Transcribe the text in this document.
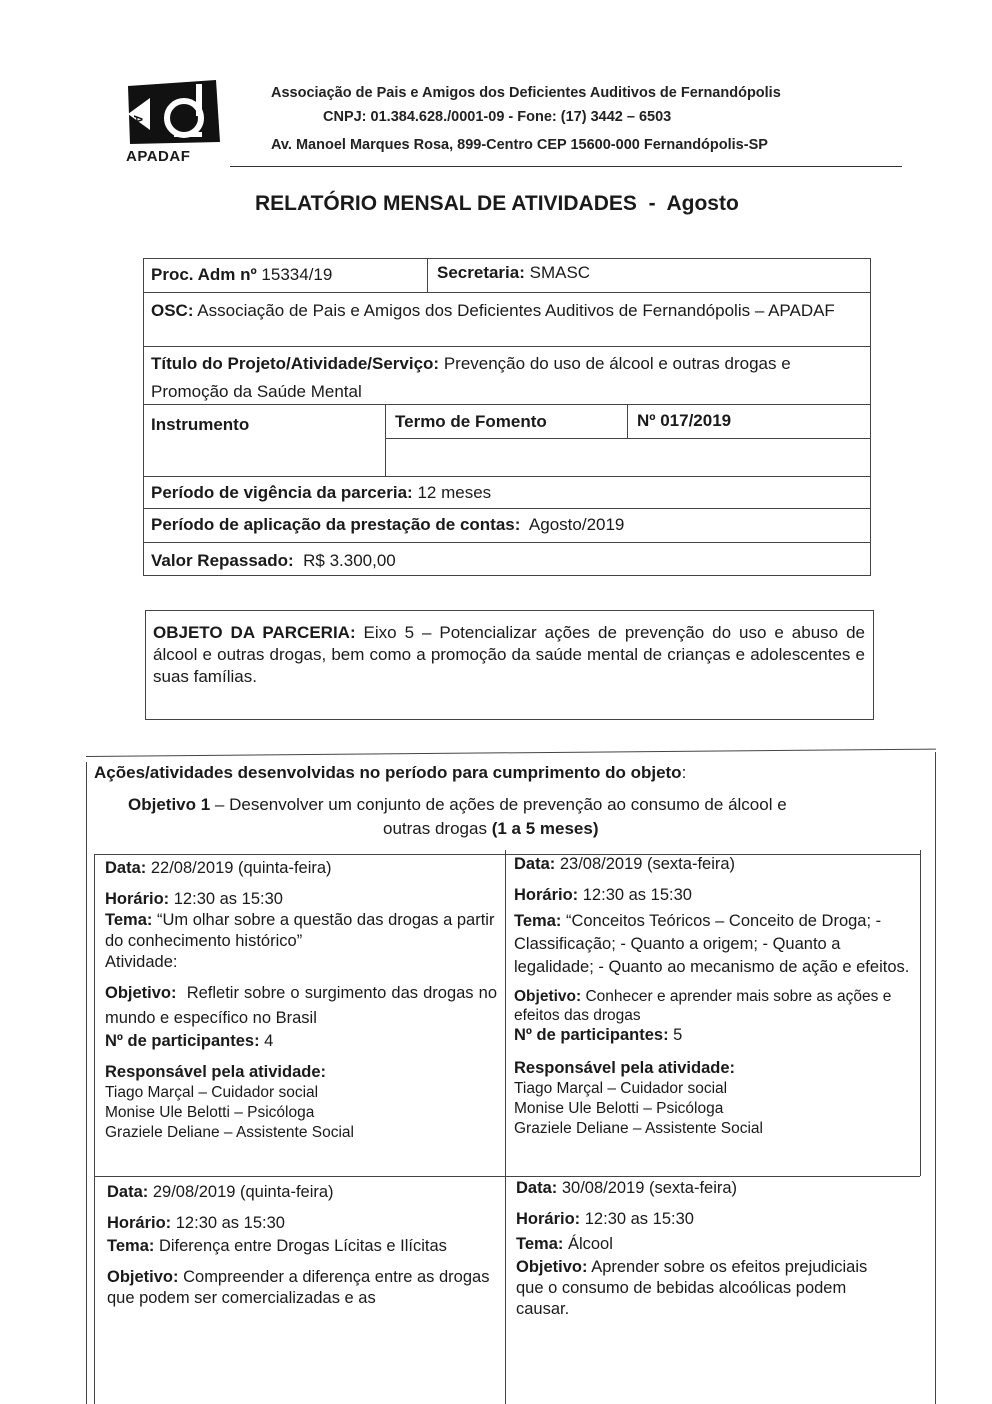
A
APADAF
Associação de Pais e Amigos dos Deficientes Auditivos de Fernandópolis
CNPJ: 01.384.628./0001-09 - Fone: (17) 3442 – 6503
Av. Manoel Marques Rosa, 899-Centro CEP 15600-000 Fernandópolis-SP
RELATÓRIO MENSAL DE ATIVIDADES  -  Agosto
Proc. Adm nº 15334/19	Secretaria: SMASC
OSC: Associação de Pais e Amigos dos Deficientes Auditivos de Fernandópolis – APADAF
Título do Projeto/Atividade/Serviço: Prevenção do uso de álcool e outras drogas e Promoção da Saúde Mental
Instrumento	Termo de Fomento	Nº 017/2019
Período de vigência da parceria: 12 meses
Período de aplicação da prestação de contas:  Agosto/2019
Valor Repassado:  R$ 3.300,00
OBJETO DA PARCERIA: Eixo 5 – Potencializar ações de prevenção do uso e abuso de álcool e outras drogas, bem como a promoção da saúde mental de crianças e adolescentes e suas famílias.
Ações/atividades desenvolvidas no período para cumprimento do objeto:
Objetivo 1 – Desenvolver um conjunto de ações de prevenção ao consumo de álcool e
outras drogas (1 a 5 meses)
Data: 22/08/2019 (quinta-feira)
Horário: 12:30 as 15:30
Tema: “Um olhar sobre a questão das drogas a partir do conhecimento histórico”
Atividade:
Objetivo:  Refletir sobre o surgimento das drogas no mundo e específico no Brasil
Nº de participantes: 4
Responsável pela atividade:
Tiago Marçal – Cuidador social
Monise Ule Belotti – Psicóloga
Graziele Deliane – Assistente Social
Data: 23/08/2019 (sexta-feira)
Horário: 12:30 as 15:30
Tema: “Conceitos Teóricos – Conceito de Droga; - Classificação; - Quanto a origem; - Quanto a legalidade; - Quanto ao mecanismo de ação e efeitos.
Objetivo: Conhecer e aprender mais sobre as ações e efeitos das drogas
Nº de participantes: 5
Responsável pela atividade:
Tiago Marçal – Cuidador social
Monise Ule Belotti – Psicóloga
Graziele Deliane – Assistente Social
Data: 29/08/2019 (quinta-feira)
Horário: 12:30 as 15:30
Tema: Diferença entre Drogas Lícitas e Ilícitas
Objetivo: Compreender a diferença entre as drogas que podem ser comercializadas e as
Data: 30/08/2019 (sexta-feira)
Horário: 12:30 as 15:30
Tema: Álcool
Objetivo: Aprender sobre os efeitos prejudiciais que o consumo de bebidas alcoólicas podem causar.
